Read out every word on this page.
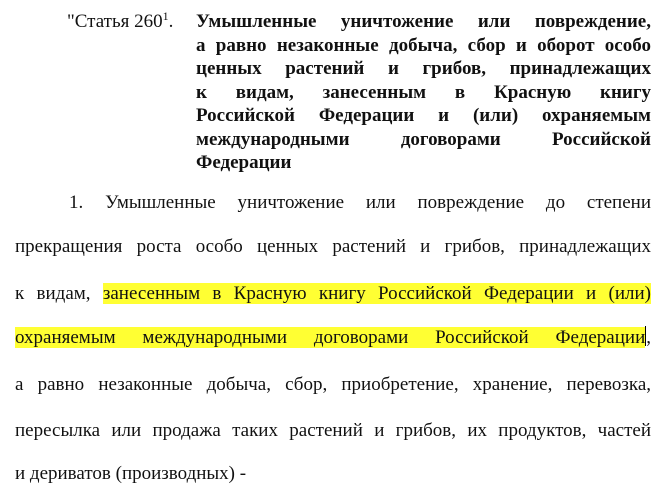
"Статья $260^1$. Умышленные уничтожение или повреждение,
а равно незаконные добыча, сбор и оборот особо
ценных растений и грибов, принадлежащих
к видам, занесенным в Красную книгу
Российской Федерации и (или) охраняемым
международными договорами Российской
Федерации
1. Умышленные уничтожение или повреждение до степени
прекращения роста особо ценных растений и грибов, принадлежащих
к видам, занесенным в Красную книгу Российской Федерации и (или)
охраняемым международными договорами Российской Федерации,
а равно незаконные добыча, сбор, приобретение, хранение, перевозка,
пересылка или продажа таких растений и грибов, их продуктов, частей
и дериватов (производных) -
